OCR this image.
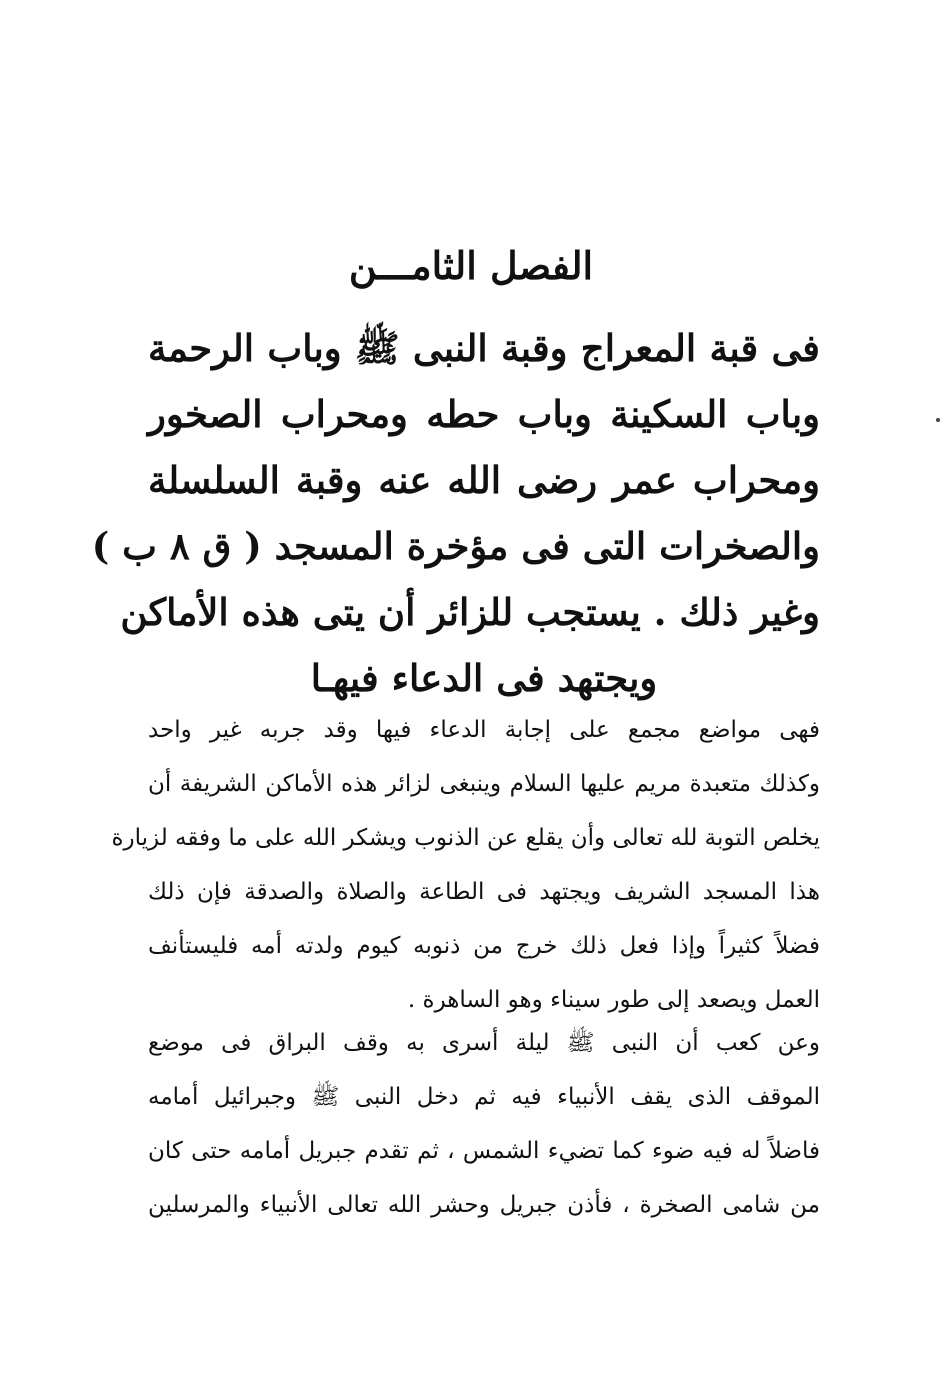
الفصل الثامـــن
فى قبة المعراج وقبة النبى ﷺ وباب الرحمة
وباب السكينة وباب حطه ومحراب الصخور
ومحراب عمر رضى الله عنه وقبة السلسلة
والصخرات التى فى مؤخرة المسجد ( ق ٨ ب )
وغير ذلك . يستجب للزائر أن يتى هذه الأماكن
ويجتهد فى الدعاء فيهـا
فهى مواضع مجمع على إجابة الدعاء فيها وقد جربه غير واحد
وكذلك متعبدة مريم عليها السلام وينبغى لزائر هذه الأماكن الشريفة أن
يخلص التوبة لله تعالى وأن يقلع عن الذنوب ويشكر الله على ما وفقه لزيارة
هذا المسجد الشريف ويجتهد فى الطاعة والصلاة والصدقة فإن ذلك
فضلاً كثيراً وإذا فعل ذلك خرج من ذنوبه كيوم ولدته أمه فليستأنف
العمل ويصعد إلى طور سيناء وهو الساهرة .
وعن كعب أن النبى ﷺ ليلة أسرى به وقف البراق فى موضع
الموقف الذى يقف الأنبياء فيه ثم دخل النبى ﷺ وجبرائيل أمامه
فاضلاً له فيه ضوء كما تضيء الشمس ، ثم تقدم جبريل أمامه حتى كان
من شامى الصخرة ، فأذن جبريل وحشر الله تعالى الأنبياء والمرسلين
